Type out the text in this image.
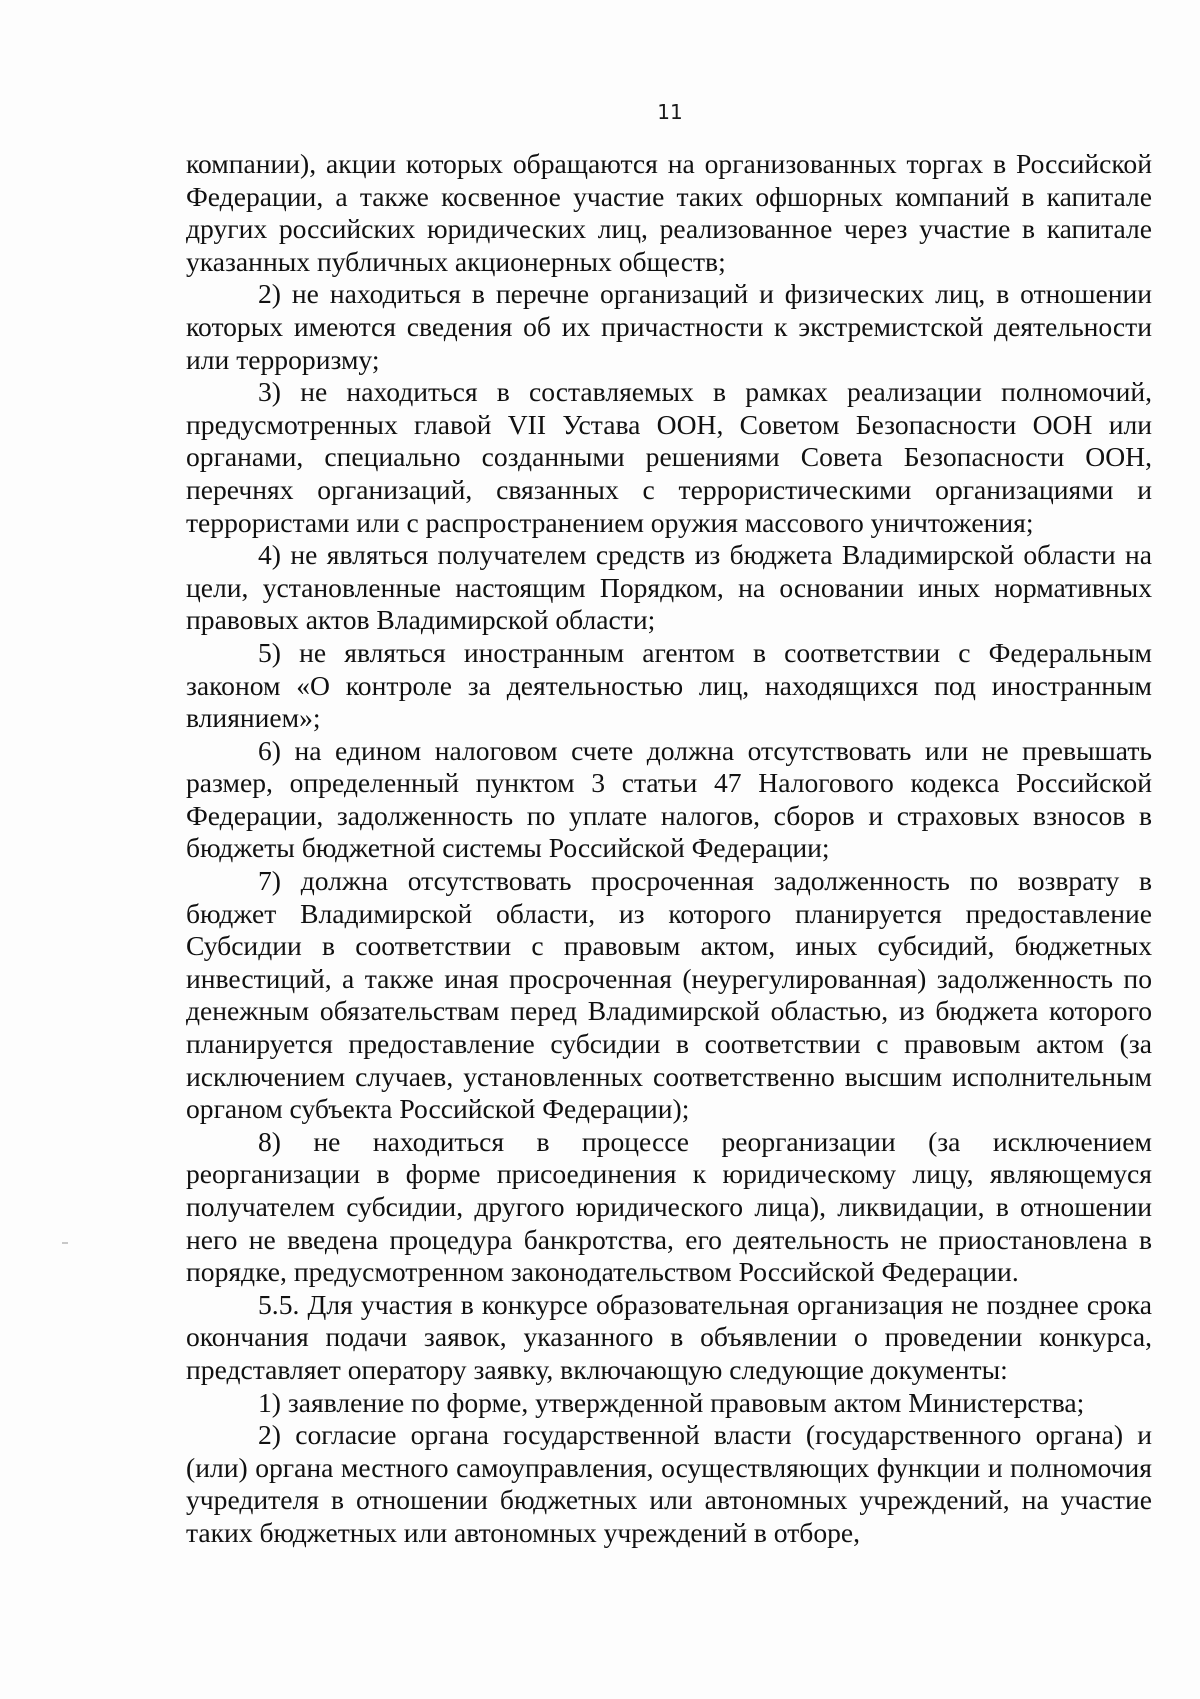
11

компании), акции которых обращаются на организованных торгах в Российской Федерации, а также косвенное участие таких офшорных компаний в капитале других российских юридических лиц, реализованное через участие в капитале указанных публичных акционерных обществ;

2) не находиться в перечне организаций и физических лиц, в отношении которых имеются сведения об их причастности к экстремистской деятельности или терроризму;

3) не находиться в составляемых в рамках реализации полномочий, предусмотренных главой VII Устава ООН, Советом Безопасности ООН или органами, специально созданными решениями Совета Безопасности ООН, перечнях организаций, связанных с террористическими организациями и террористами или с распространением оружия массового уничтожения;

4) не являться получателем средств из бюджета Владимирской области на цели, установленные настоящим Порядком, на основании иных нормативных правовых актов Владимирской области;

5) не являться иностранным агентом в соответствии с Федеральным законом «О контроле за деятельностью лиц, находящихся под иностранным влиянием»;

6) на едином налоговом счете должна отсутствовать или не превышать размер, определенный пунктом 3 статьи 47 Налогового кодекса Российской Федерации, задолженность по уплате налогов, сборов и страховых взносов в бюджеты бюджетной системы Российской Федерации;

7) должна отсутствовать просроченная задолженность по возврату в бюджет Владимирской области, из которого планируется предоставление Субсидии в соответствии с правовым актом, иных субсидий, бюджетных инвестиций, а также иная просроченная (неурегулированная) задолженность по денежным обязательствам перед Владимирской областью, из бюджета которого планируется предоставление субсидии в соответствии с правовым актом (за исключением случаев, установленных соответственно высшим исполнительным органом субъекта Российской Федерации);

8) не находиться в процессе реорганизации (за исключением реорганизации в форме присоединения к юридическому лицу, являющемуся получателем субсидии, другого юридического лица), ликвидации, в отношении него не введена процедура банкротства, его деятельность не приостановлена в порядке, предусмотренном законодательством Российской Федерации.

5.5. Для участия в конкурсе образовательная организация не позднее срока окончания подачи заявок, указанного в объявлении о проведении конкурса, представляет оператору заявку, включающую следующие документы:

1) заявление по форме, утвержденной правовым актом Министерства;

2) согласие органа государственной власти (государственного органа) и (или) органа местного самоуправления, осуществляющих функции и полномочия учредителя в отношении бюджетных или автономных учреждений, на участие таких бюджетных или автономных учреждений в отборе,
